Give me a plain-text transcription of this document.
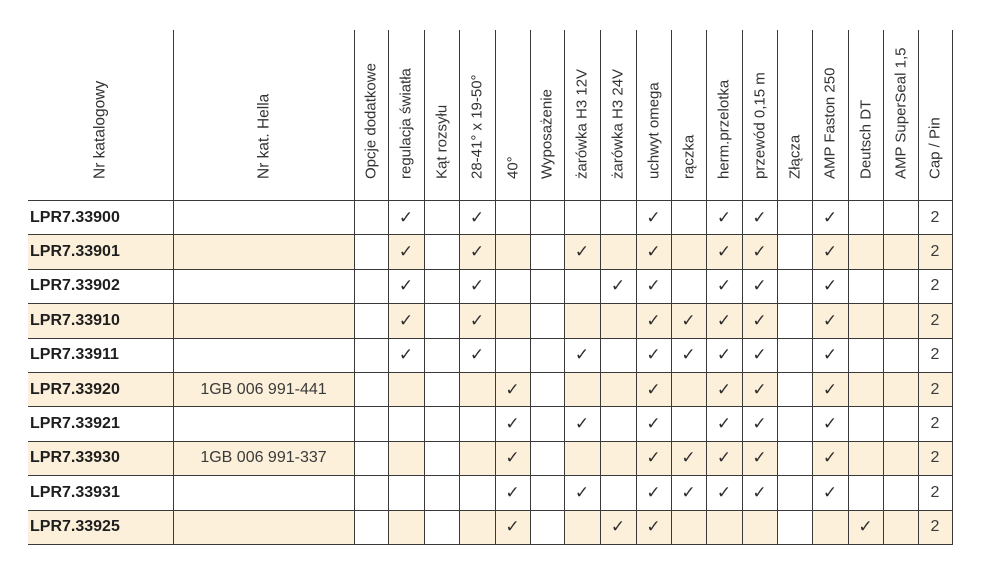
Nr katalogowy	Nr kat. Hella	Opcje dodatkowe	regulacja światła	Kąt rozsyłu	28-41° x 19-50°	40°	Wyposażenie	żarówka H3 12V	żarówka H3 24V	uchwyt omega	rączka	herm.przelotka	przewód 0,15 m	Złącza	AMP Faston 250	Deutsch DT	AMP SuperSeal 1,5	Cap / Pin

LPR7.33900			✓		✓					✓		✓	✓		✓			2
LPR7.33901			✓		✓			✓		✓		✓	✓		✓			2
LPR7.33902			✓		✓				✓	✓		✓	✓		✓			2
LPR7.33910			✓		✓					✓	✓	✓	✓		✓			2
LPR7.33911			✓		✓			✓		✓	✓	✓	✓		✓			2
LPR7.33920	1GB 006 991-441					✓				✓		✓	✓		✓			2
LPR7.33921						✓		✓		✓		✓	✓		✓			2
LPR7.33930	1GB 006 991-337					✓				✓	✓	✓	✓		✓			2
LPR7.33931						✓		✓		✓	✓	✓	✓		✓			2
LPR7.33925						✓			✓	✓						✓		2
